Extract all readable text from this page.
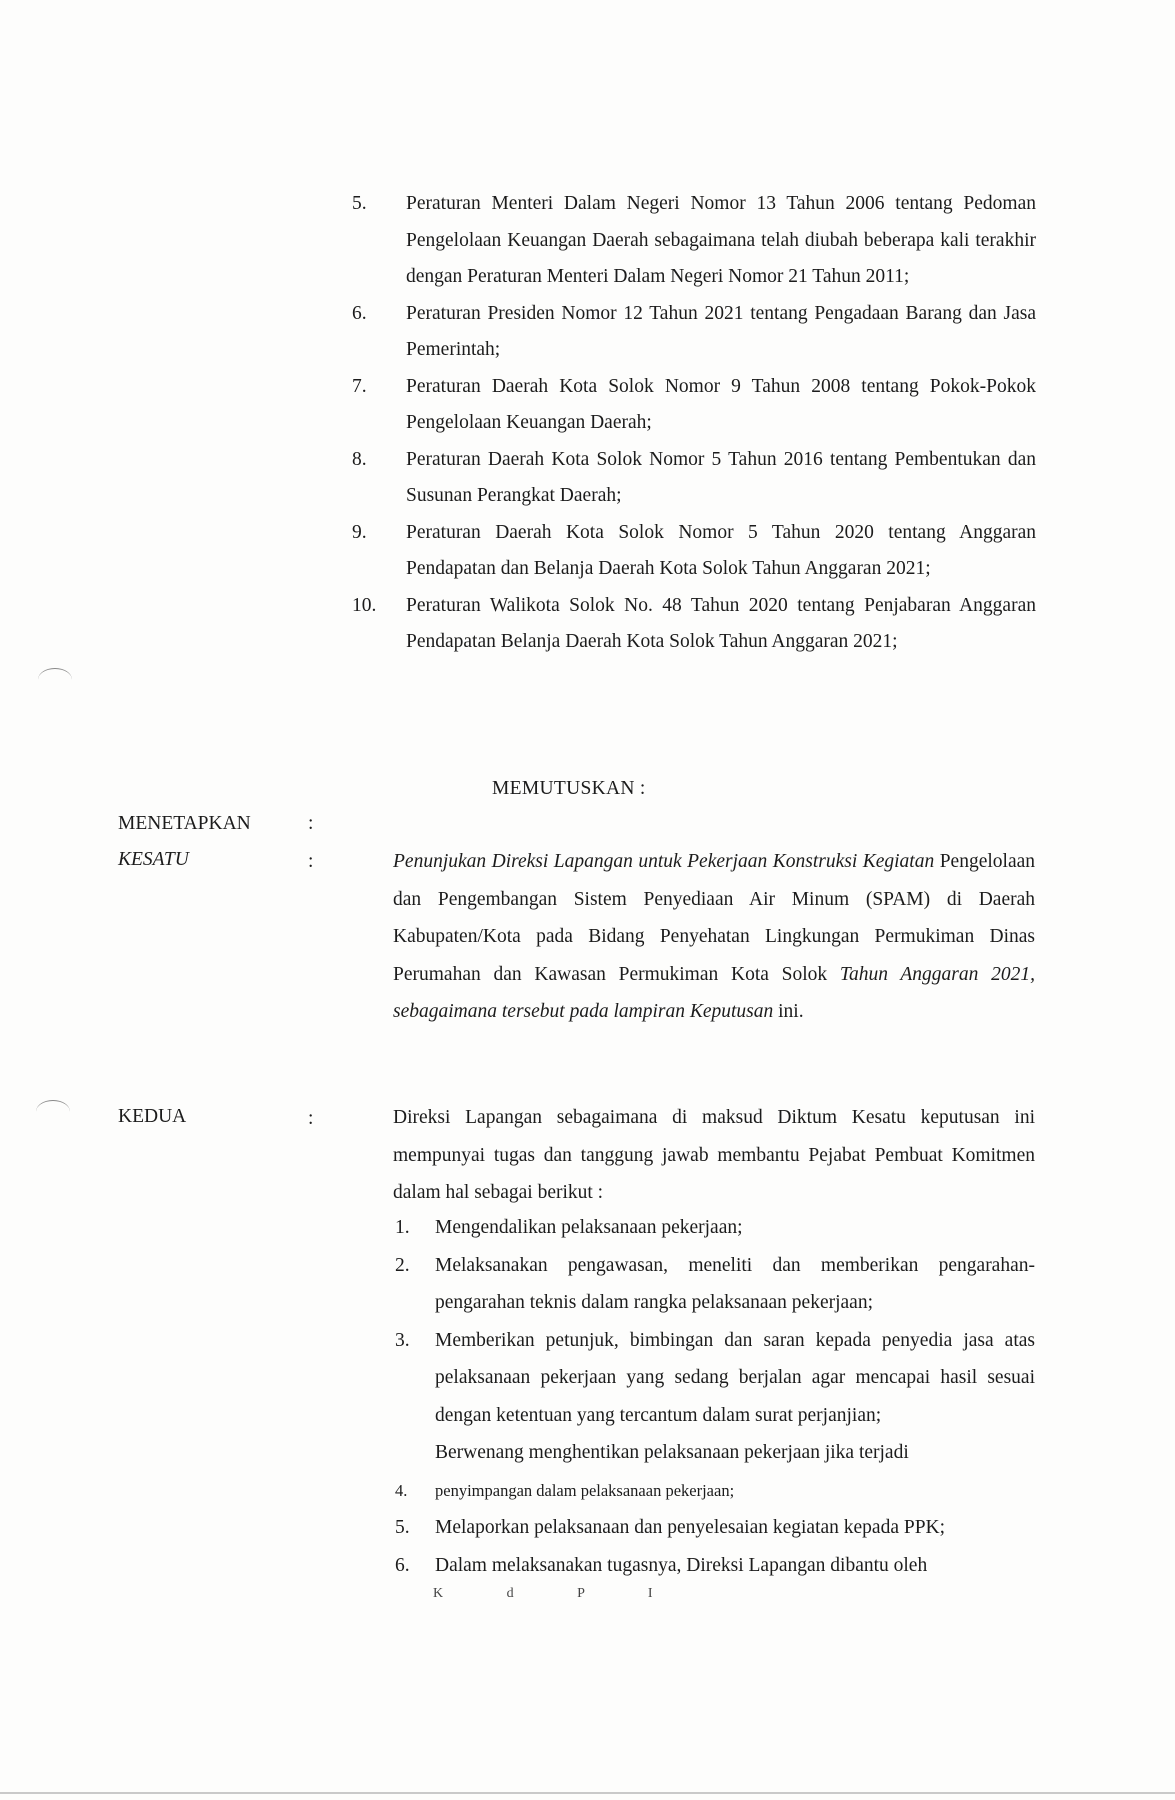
5. Peraturan Menteri Dalam Negeri Nomor 13 Tahun 2006 tentang Pedoman Pengelolaan Keuangan Daerah sebagaimana telah diubah beberapa kali terakhir dengan Peraturan Menteri Dalam Negeri Nomor 21 Tahun 2011;
6. Peraturan Presiden Nomor 12 Tahun 2021 tentang Pengadaan Barang dan Jasa Pemerintah;
7. Peraturan Daerah Kota Solok Nomor 9 Tahun 2008 tentang Pokok-Pokok Pengelolaan Keuangan Daerah;
8. Peraturan Daerah Kota Solok Nomor 5 Tahun 2016 tentang Pembentukan dan Susunan Perangkat Daerah;
9. Peraturan Daerah Kota Solok Nomor 5 Tahun 2020 tentang Anggaran Pendapatan dan Belanja Daerah Kota Solok Tahun Anggaran 2021;
10. Peraturan Walikota Solok No. 48 Tahun 2020 tentang Penjabaran Anggaran Pendapatan Belanja Daerah Kota Solok Tahun Anggaran 2021;
MEMUTUSKAN :
MENETAPKAN	:
KESATU	:	Penunjukan Direksi Lapangan untuk Pekerjaan Konstruksi Kegiatan Pengelolaan dan Pengembangan Sistem Penyediaan Air Minum (SPAM) di Daerah Kabupaten/Kota pada Bidang Penyehatan Lingkungan Permukiman Dinas Perumahan dan Kawasan Permukiman Kota Solok Tahun Anggaran 2021, sebagaimana tersebut pada lampiran Keputusan ini.
KEDUA	:	Direksi Lapangan sebagaimana di maksud Diktum Kesatu keputusan ini mempunyai tugas dan tanggung jawab membantu Pejabat Pembuat Komitmen dalam hal sebagai berikut :
1. Mengendalikan pelaksanaan pekerjaan;
2. Melaksanakan pengawasan, meneliti dan memberikan pengarahan-pengarahan teknis dalam rangka pelaksanaan pekerjaan;
3. Memberikan petunjuk, bimbingan dan saran kepada penyedia jasa atas pelaksanaan pekerjaan yang sedang berjalan agar mencapai hasil sesuai dengan ketentuan yang tercantum dalam surat perjanjian;
Berwenang menghentikan pelaksanaan pekerjaan jika terjadi
4. penyimpangan dalam pelaksanaan pekerjaan;
5. Melaporkan pelaksanaan dan penyelesaian kegiatan kepada PPK;
6. Dalam melaksanakan tugasnya, Direksi Lapangan dibantu oleh
K d P I
